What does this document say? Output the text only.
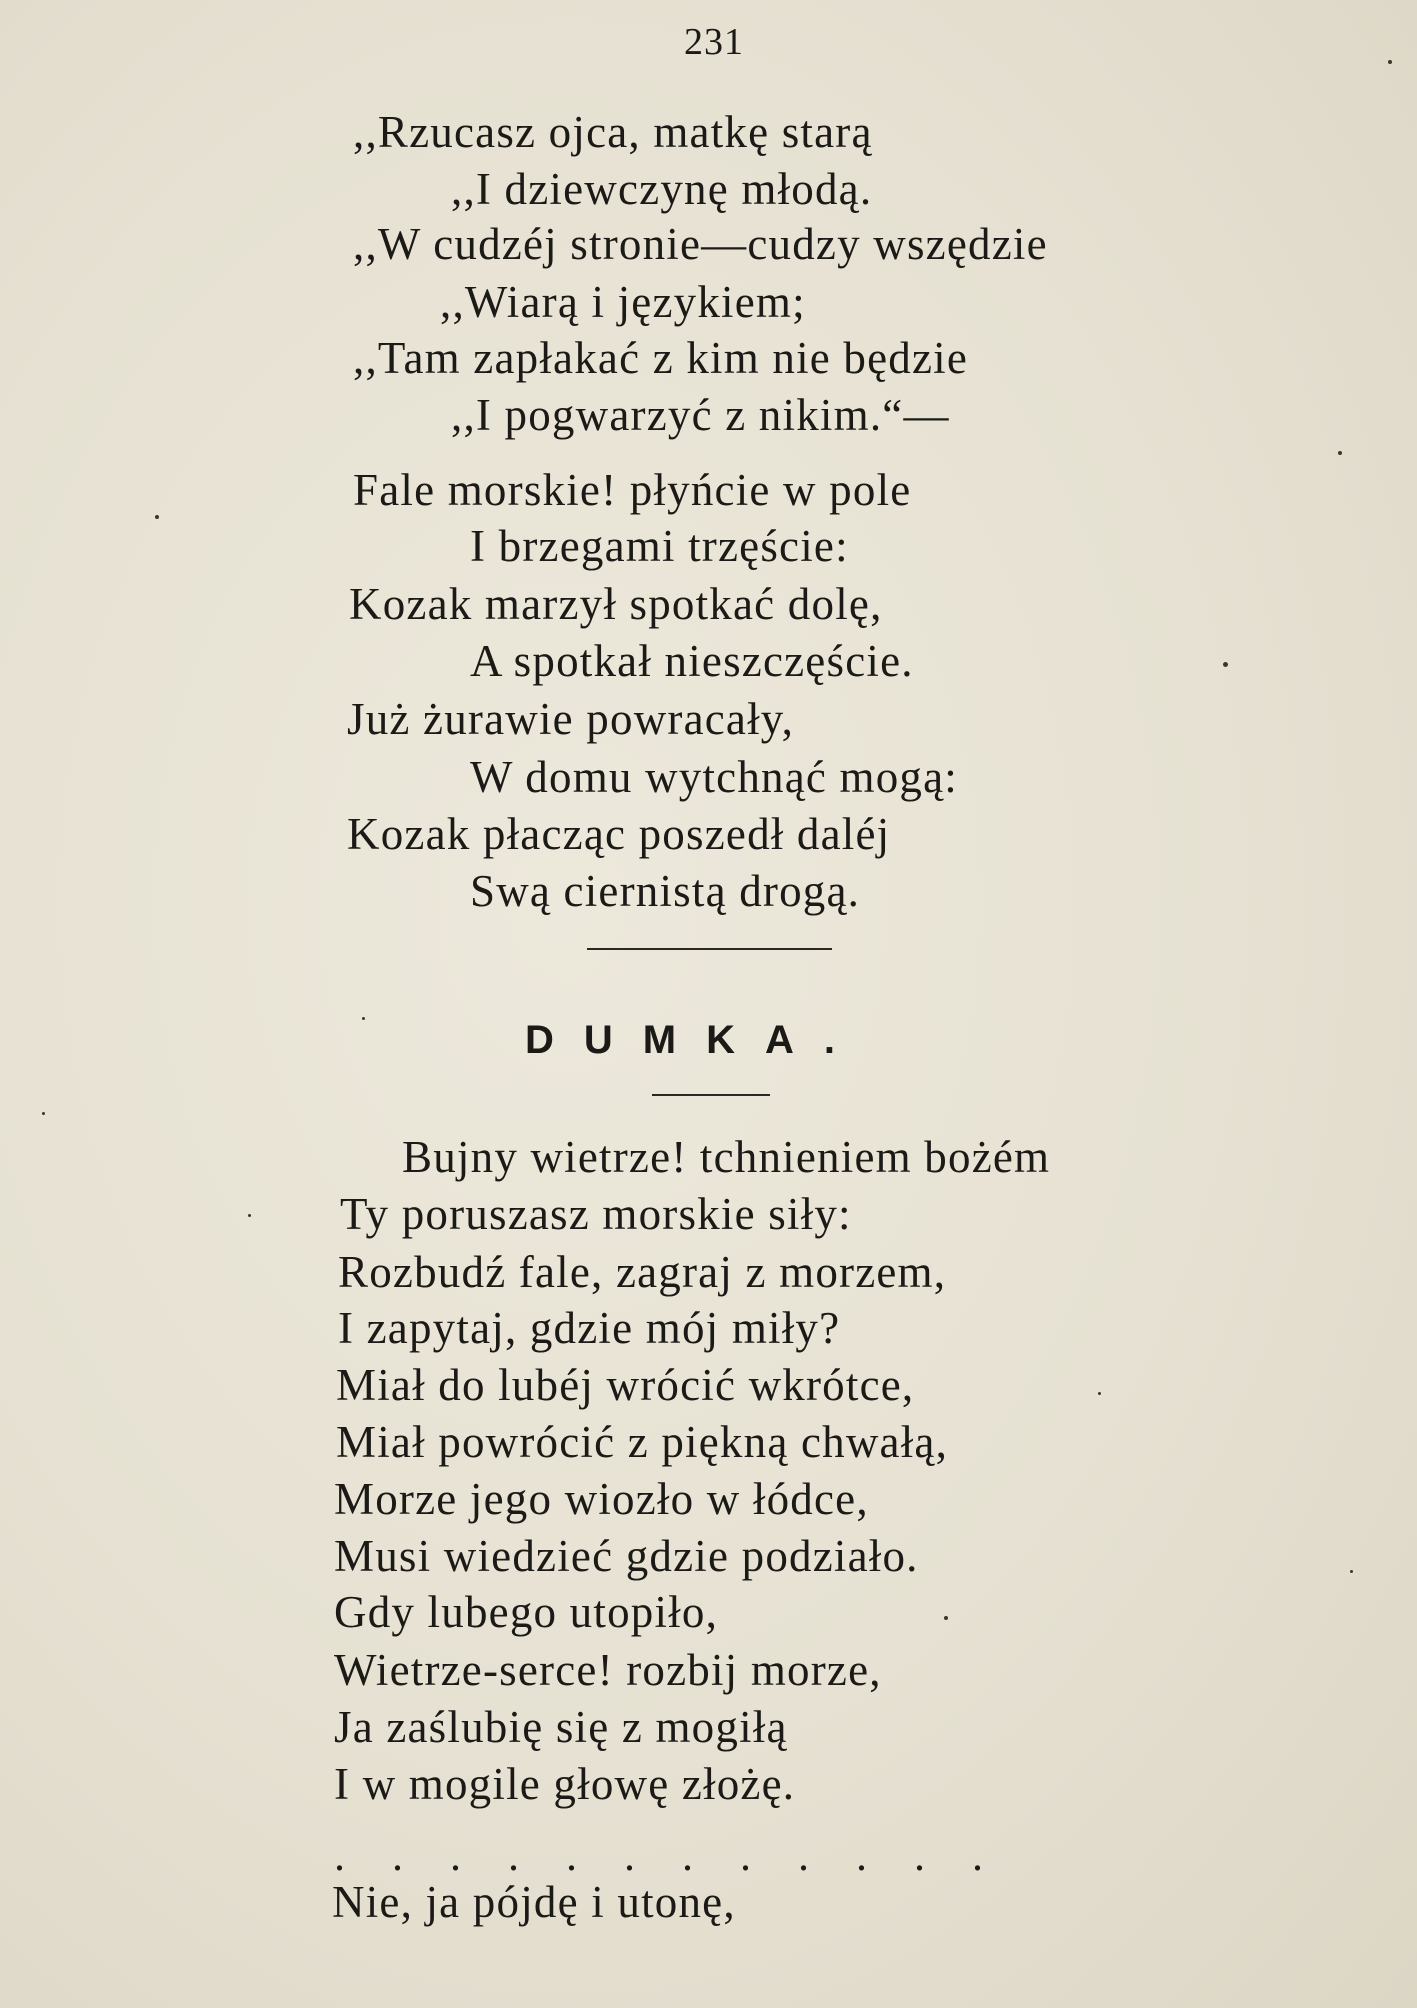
231
,,Rzucasz ojca, matkę starą
,,I dziewczynę młodą.
,,W cudzéj stronie—cudzy wszędzie
,,Wiarą i językiem;
,,Tam zapłakać z kim nie będzie
,,I pogwarzyć z nikim.“—
Fale morskie! płyńcie w pole
I brzegami trzęście:
Kozak marzył spotkać dolę,
A spotkał nieszczęście.
Już żurawie powracały,
W domu wytchnąć mogą:
Kozak płacząc poszedł daléj
Swą ciernistą drogą.
DUMKA.
Bujny wietrze! tchnieniem bożém
Ty poruszasz morskie siły:
Rozbudź fale, zagraj z morzem,
I zapytaj, gdzie mój miły?
Miał do lubéj wrócić wkrótce,
Miał powrócić z piękną chwałą,
Morze jego wiozło w łódce,
Musi wiedzieć gdzie podziało.
Gdy lubego utopiło,
Wietrze-serce! rozbij morze,
Ja zaślubię się z mogiłą
I w mogile głowę złożę.
. . . . . . . . . . . .
Nie, ja pójdę i utonę,
